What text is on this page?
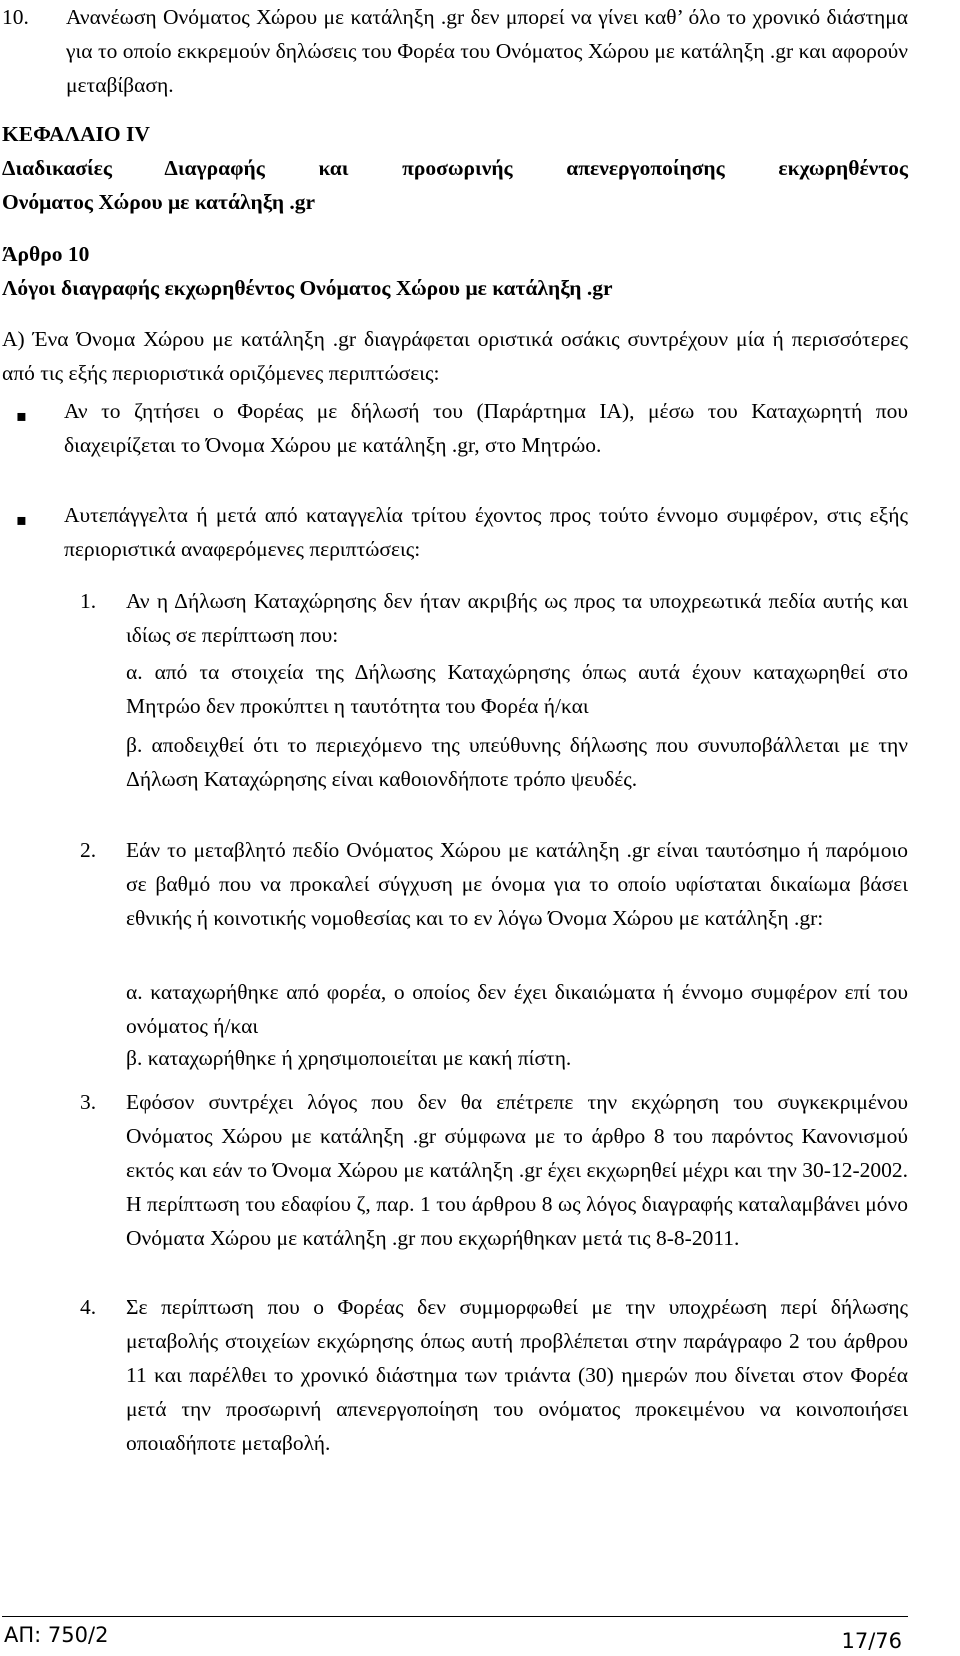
10. Ανανέωση Ονόματος Χώρου με κατάληξη .gr δεν μπορεί να γίνει καθ’ όλο το χρονικό διάστημα για το οποίο εκκρεμούν δηλώσεις του Φορέα του Ονόματος Χώρου με κατάληξη .gr και αφορούν μεταβίβαση.
ΚΕΦΑΛΑΙΟ IV
Διαδικασίες Διαγραφής και προσωρινής απενεργοποίησης εκχωρηθέντος
Ονόματος Χώρου με κατάληξη .gr
Άρθρο 10
Λόγοι διαγραφής εκχωρηθέντος Ονόματος Χώρου με κατάληξη .gr
Α) Ένα Όνομα Χώρου με κατάληξη .gr διαγράφεται οριστικά οσάκις συντρέχουν μία ή περισσότερες από τις εξής περιοριστικά οριζόμενες περιπτώσεις:
▪ Αν το ζητήσει ο Φορέας με δήλωσή του (Παράρτημα ΙΑ), μέσω του Καταχωρητή που διαχειρίζεται το Όνομα Χώρου με κατάληξη .gr, στο Μητρώο.
▪ Αυτεπάγγελτα ή μετά από καταγγελία τρίτου έχοντος προς τούτο έννομο συμφέρον, στις εξής περιοριστικά αναφερόμενες περιπτώσεις:
1. Αν η Δήλωση Καταχώρησης δεν ήταν ακριβής ως προς τα υποχρεωτικά πεδία αυτής και ιδίως σε περίπτωση που:
α. από τα στοιχεία της Δήλωσης Καταχώρησης όπως αυτά έχουν καταχωρηθεί στο Μητρώο δεν προκύπτει η ταυτότητα του Φορέα ή/και
β. αποδειχθεί ότι το περιεχόμενο της υπεύθυνης δήλωσης που συνυποβάλλεται με την Δήλωση Καταχώρησης είναι καθοιονδήποτε τρόπο ψευδές.
2. Εάν το μεταβλητό πεδίο Ονόματος Χώρου με κατάληξη .gr είναι ταυτόσημο ή παρόμοιο σε βαθμό που να προκαλεί σύγχυση με όνομα για το οποίο υφίσταται δικαίωμα βάσει εθνικής ή κοινοτικής νομοθεσίας και το εν λόγω Όνομα Χώρου με κατάληξη .gr:
α. καταχωρήθηκε από φορέα, ο οποίος δεν έχει δικαιώματα ή έννομο συμφέρον επί του ονόματος ή/και
β. καταχωρήθηκε ή χρησιμοποιείται με κακή πίστη.
3. Εφόσον συντρέχει λόγος που δεν θα επέτρεπε την εκχώρηση του συγκεκριμένου Ονόματος Χώρου με κατάληξη .gr σύμφωνα με το άρθρο 8 του παρόντος Κανονισμού εκτός και εάν το Όνομα Χώρου με κατάληξη .gr έχει εκχωρηθεί μέχρι και την 30-12-2002. Η περίπτωση του εδαφίου ζ, παρ. 1 του άρθρου 8 ως λόγος διαγραφής καταλαμβάνει μόνο Ονόματα Χώρου με κατάληξη .gr που εκχωρήθηκαν μετά τις 8-8-2011.
4. Σε περίπτωση που ο Φορέας δεν συμμορφωθεί με την υποχρέωση περί δήλωσης μεταβολής στοιχείων εκχώρησης όπως αυτή προβλέπεται στην παράγραφο 2 του άρθρου 11 και παρέλθει το χρονικό διάστημα των τριάντα (30) ημερών που δίνεται στον Φορέα μετά την προσωρινή απενεργοποίηση του ονόματος προκειμένου να κοινοποιήσει οποιαδήποτε μεταβολή.
ΑΠ: 750/2	17/76
